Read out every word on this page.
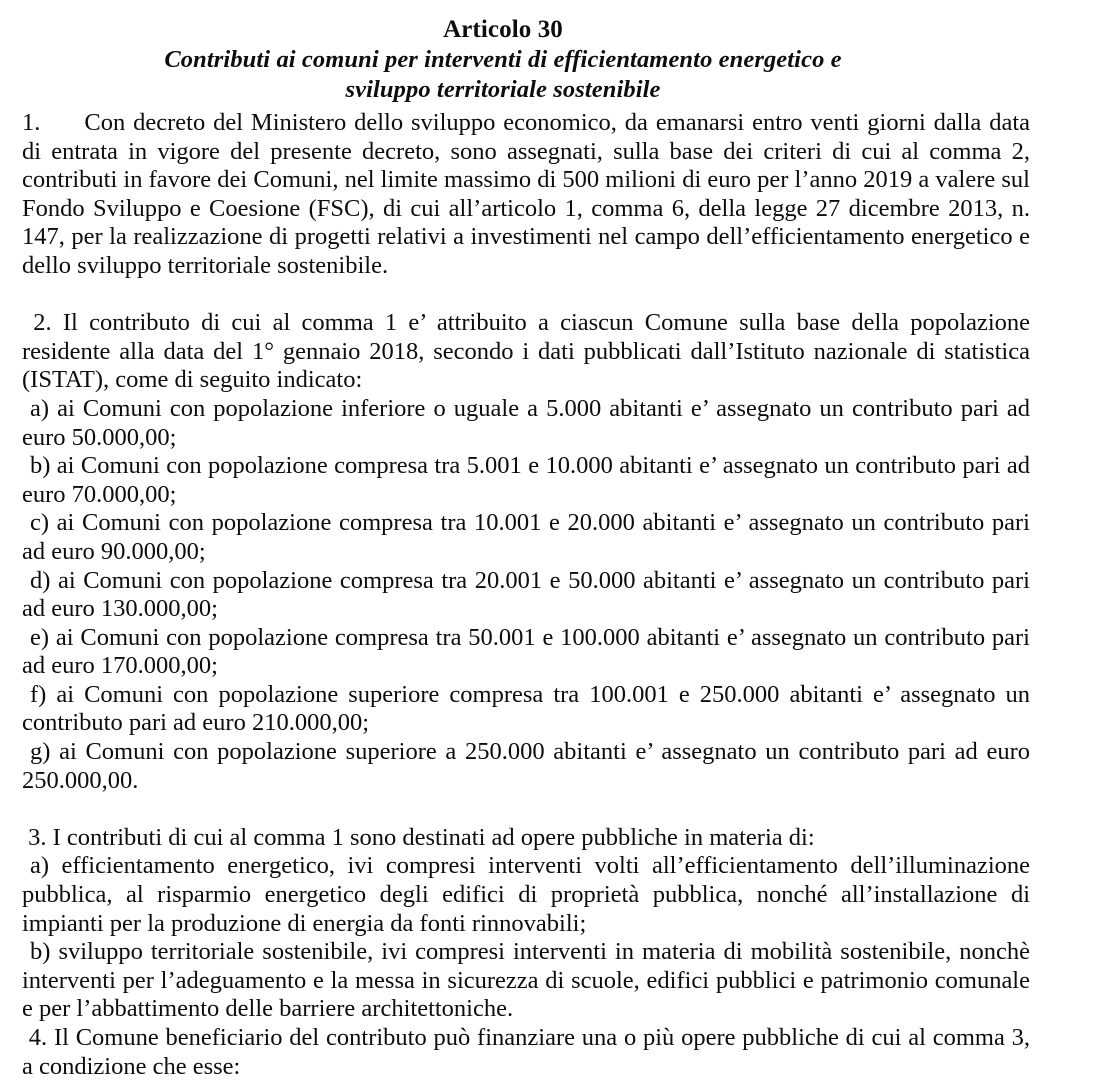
Articolo 30
Contributi ai comuni per interventi di efficientamento energetico e
sviluppo territoriale sostenibile

1. Con decreto del Ministero dello sviluppo economico, da emanarsi entro venti giorni dalla data di entrata in vigore del presente decreto, sono assegnati, sulla base dei criteri di cui al comma 2, contributi in favore dei Comuni, nel limite massimo di 500 milioni di euro per l’anno 2019 a valere sul Fondo Sviluppo e Coesione (FSC), di cui all’articolo 1, comma 6, della legge 27 dicembre 2013, n. 147, per la realizzazione di progetti relativi a investimenti nel campo dell’efficientamento energetico e dello sviluppo territoriale sostenibile.

2. Il contributo di cui al comma 1 e’ attribuito a ciascun Comune sulla base della popolazione residente alla data del 1° gennaio 2018, secondo i dati pubblicati dall’Istituto nazionale di statistica (ISTAT), come di seguito indicato:

a) ai Comuni con popolazione inferiore o uguale a 5.000 abitanti e’ assegnato un contributo pari ad euro 50.000,00;

b) ai Comuni con popolazione compresa tra 5.001 e 10.000 abitanti e’ assegnato un contributo pari ad euro 70.000,00;

c) ai Comuni con popolazione compresa tra 10.001 e 20.000 abitanti e’ assegnato un contributo pari ad euro 90.000,00;

d) ai Comuni con popolazione compresa tra 20.001 e 50.000 abitanti e’ assegnato un contributo pari ad euro 130.000,00;

e) ai Comuni con popolazione compresa tra 50.001 e 100.000 abitanti e’ assegnato un contributo pari ad euro 170.000,00;

f) ai Comuni con popolazione superiore compresa tra 100.001 e 250.000 abitanti e’ assegnato un contributo pari ad euro 210.000,00;

g) ai Comuni con popolazione superiore a 250.000 abitanti e’ assegnato un contributo pari ad euro 250.000,00.

3. I contributi di cui al comma 1 sono destinati ad opere pubbliche in materia di:

a) efficientamento energetico, ivi compresi interventi volti all’efficientamento dell’illuminazione pubblica, al risparmio energetico degli edifici di proprietà pubblica, nonché all’installazione di impianti per la produzione di energia da fonti rinnovabili;

b) sviluppo territoriale sostenibile, ivi compresi interventi in materia di mobilità sostenibile, nonchè interventi per l’adeguamento e la messa in sicurezza di scuole, edifici pubblici e patrimonio comunale e per l’abbattimento delle barriere architettoniche.

4. Il Comune beneficiario del contributo può finanziare una o più opere pubbliche di cui al comma 3, a condizione che esse:
